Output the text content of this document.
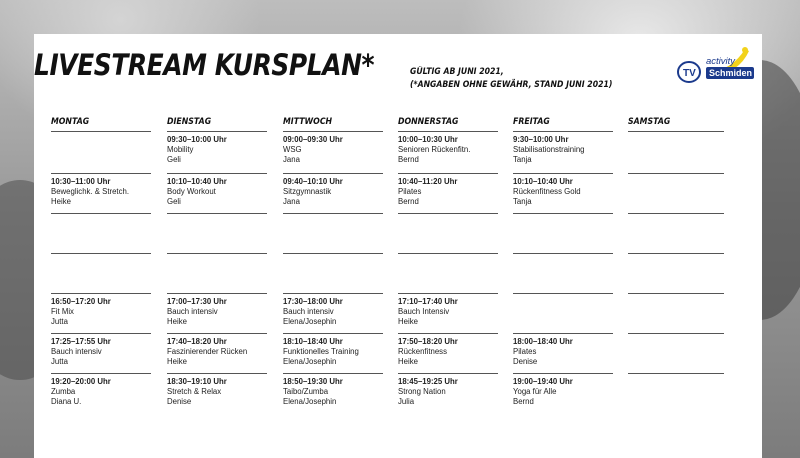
LIVESTREAM KURSPLAN*	GÜLTIG AB JUNI 2021,
(*ANGABEN OHNE GEWÄHR, STAND JUNI 2021)
TV
activity
Schmiden
MONTAG
10:30–11:00 Uhr
Beweglichk. & Stretch.
Heike
16:50–17:20 Uhr
Fit Mix
Jutta
17:25–17:55 Uhr
Bauch intensiv
Jutta
19:20–20:00 Uhr
Zumba
Diana U.
DIENSTAG
09:30–10:00 Uhr
Mobility
Geli
10:10–10:40 Uhr
Body Workout
Geli
17:00–17:30 Uhr
Bauch intensiv
Heike
17:40–18:20 Uhr
Faszinierender Rücken
Heike
18:30–19:10 Uhr
Stretch & Relax
Denise
MITTWOCH
09:00–09:30 Uhr
WSG
Jana
09:40–10:10 Uhr
Sitzgymnastik
Jana
17:30–18:00 Uhr
Bauch intensiv
Elena/Josephin
18:10–18:40 Uhr
Funktionelles Training
Elena/Josephin
18:50–19:30 Uhr
Taibo/Zumba
Elena/Josephin
DONNERSTAG
10:00–10:30 Uhr
Senioren Rückenfitn.
Bernd
10:40–11:20 Uhr
Pilates
Bernd
17:10–17:40 Uhr
Bauch Intensiv
Heike
17:50–18:20 Uhr
Rückenfitness
Heike
18:45–19:25 Uhr
Strong Nation
Julia
FREITAG
9:30–10:00 Uhr
Stabilisationstraining
Tanja
10:10–10:40 Uhr
Rückenfitness Gold
Tanja
18:00–18:40 Uhr
Pilates
Denise
19:00–19:40 Uhr
Yoga für Alle
Bernd
SAMSTAG
